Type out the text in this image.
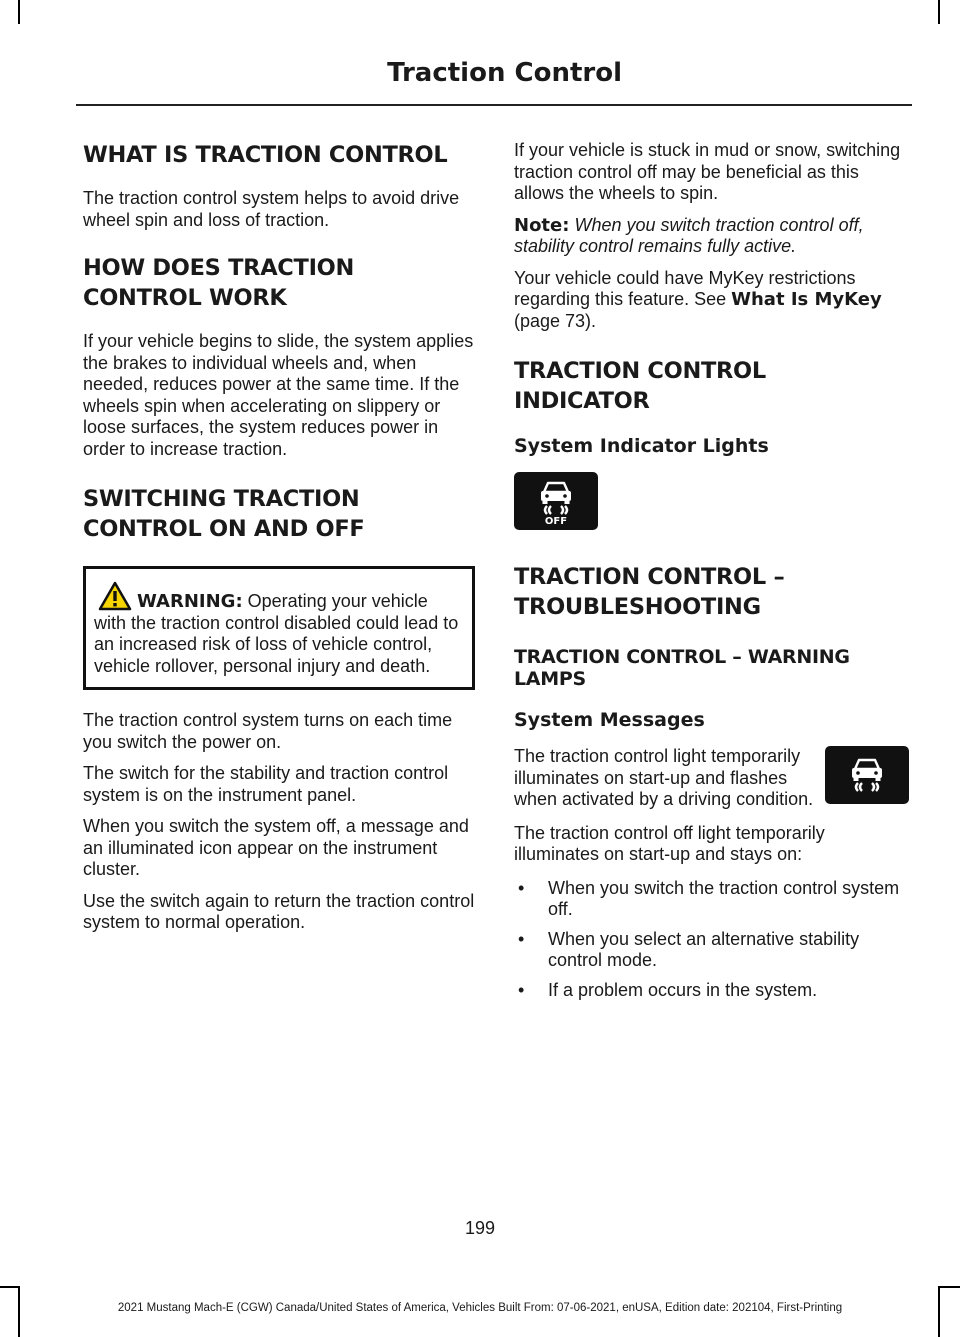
Traction Control
WHAT IS TRACTION CONTROL

The traction control system helps to avoid drive wheel spin and loss of traction.

HOW DOES TRACTION
CONTROL WORK

If your vehicle begins to slide, the system applies the brakes to individual wheels and, when needed, reduces power at the same time. If the wheels spin when accelerating on slippery or loose surfaces, the system reduces power in order to increase traction.

SWITCHING TRACTION
CONTROL ON AND OFF
WARNING: Operating your vehicle with the traction control disabled could lead to an increased risk of loss of vehicle control, vehicle rollover, personal injury and death.

The traction control system turns on each time you switch the power on.

The switch for the stability and traction control system is on the instrument panel.

When you switch the system off, a message and an illuminated icon appear on the instrument cluster.

Use the switch again to return the traction control system to normal operation.

If your vehicle is stuck in mud or snow, switching traction control off may be beneficial as this allows the wheels to spin.

Note: When you switch traction control off, stability control remains fully active.

Your vehicle could have MyKey restrictions regarding this feature. See What Is MyKey (page 73).

TRACTION CONTROL
INDICATOR
System Indicator Lights
OFF
TRACTION CONTROL –
TROUBLESHOOTING
TRACTION CONTROL – WARNING LAMPS
System Messages

The traction control light temporarily illuminates on start-up and flashes when activated by a driving condition.

The traction control off light temporarily illuminates on start-up and stays on:

• When you switch the traction control system off.
• When you select an alternative stability control mode.
• If a problem occurs in the system.
199
2021 Mustang Mach-E (CGW) Canada/United States of America, Vehicles Built From: 07-06-2021, enUSA, Edition date: 202104, First-Printing
